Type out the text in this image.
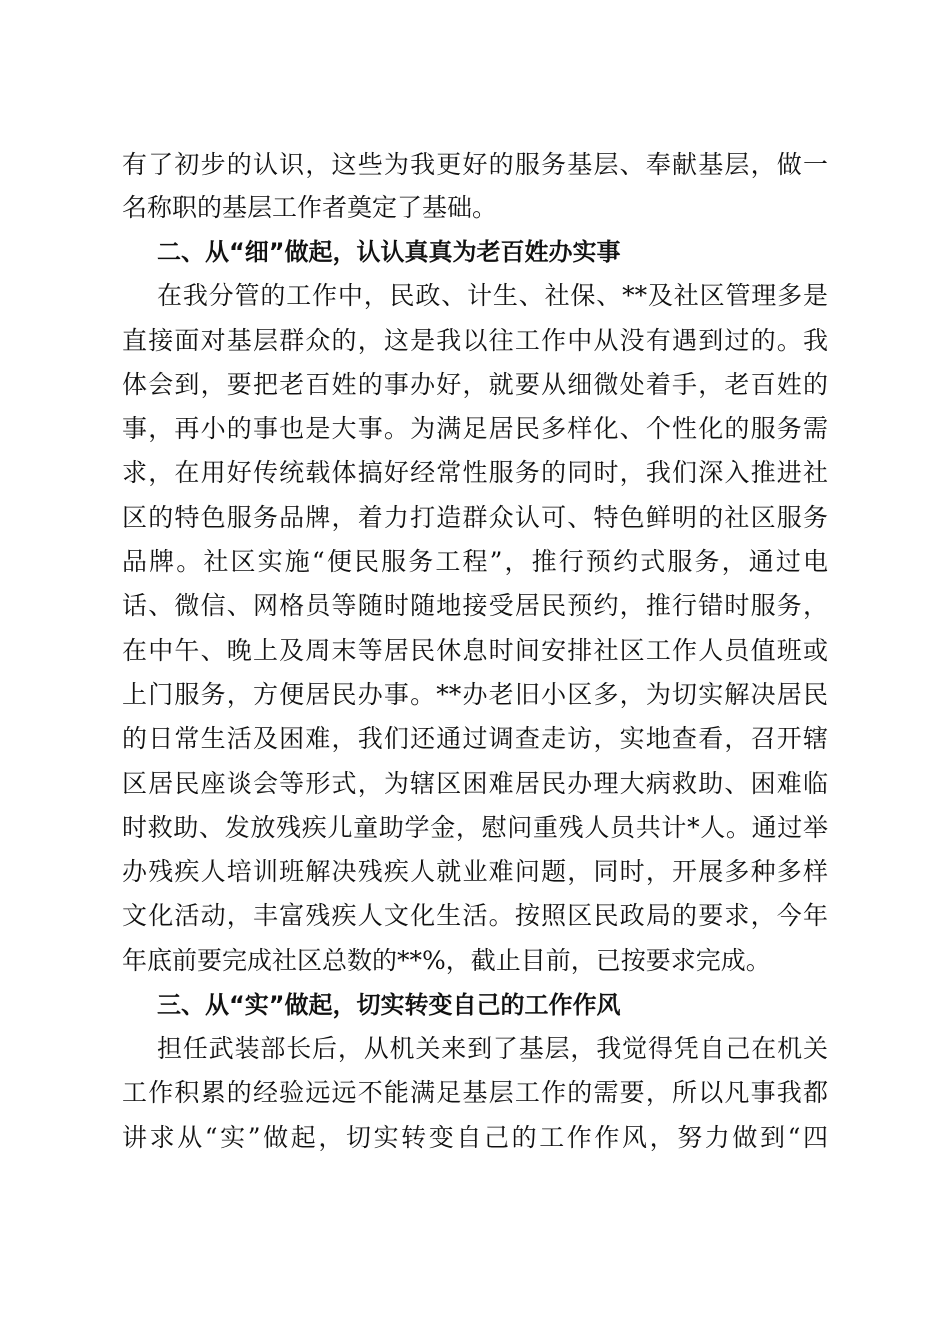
有了初步的认识，这些为我更好的服务基层、奉献基层，做一
名称职的基层工作者奠定了基础。
二、从“细”做起，认认真真为老百姓办实事
在我分管的工作中，民政、计生、社保、**及社区管理多是
直接面对基层群众的，这是我以往工作中从没有遇到过的。我
体会到，要把老百姓的事办好，就要从细微处着手，老百姓的
事，再小的事也是大事。为满足居民多样化、个性化的服务需
求，在用好传统载体搞好经常性服务的同时，我们深入推进社
区的特色服务品牌，着力打造群众认可、特色鲜明的社区服务
品牌。社区实施“便民服务工程”，推行预约式服务，通过电
话、微信、网格员等随时随地接受居民预约，推行错时服务，
在中午、晚上及周末等居民休息时间安排社区工作人员值班或
上门服务，方便居民办事。**办老旧小区多，为切实解决居民
的日常生活及困难，我们还通过调查走访，实地查看，召开辖
区居民座谈会等形式，为辖区困难居民办理大病救助、困难临
时救助、发放残疾儿童助学金，慰问重残人员共计*人。通过举
办残疾人培训班解决残疾人就业难问题，同时，开展多种多样
文化活动，丰富残疾人文化生活。按照区民政局的要求，今年
年底前要完成社区总数的**%，截止目前，已按要求完成。
三、从“实”做起，切实转变自己的工作作风
担任武装部长后，从机关来到了基层，我觉得凭自己在机关
工作积累的经验远远不能满足基层工作的需要，所以凡事我都
讲求从“实”做起，切实转变自己的工作作风，努力做到“四
